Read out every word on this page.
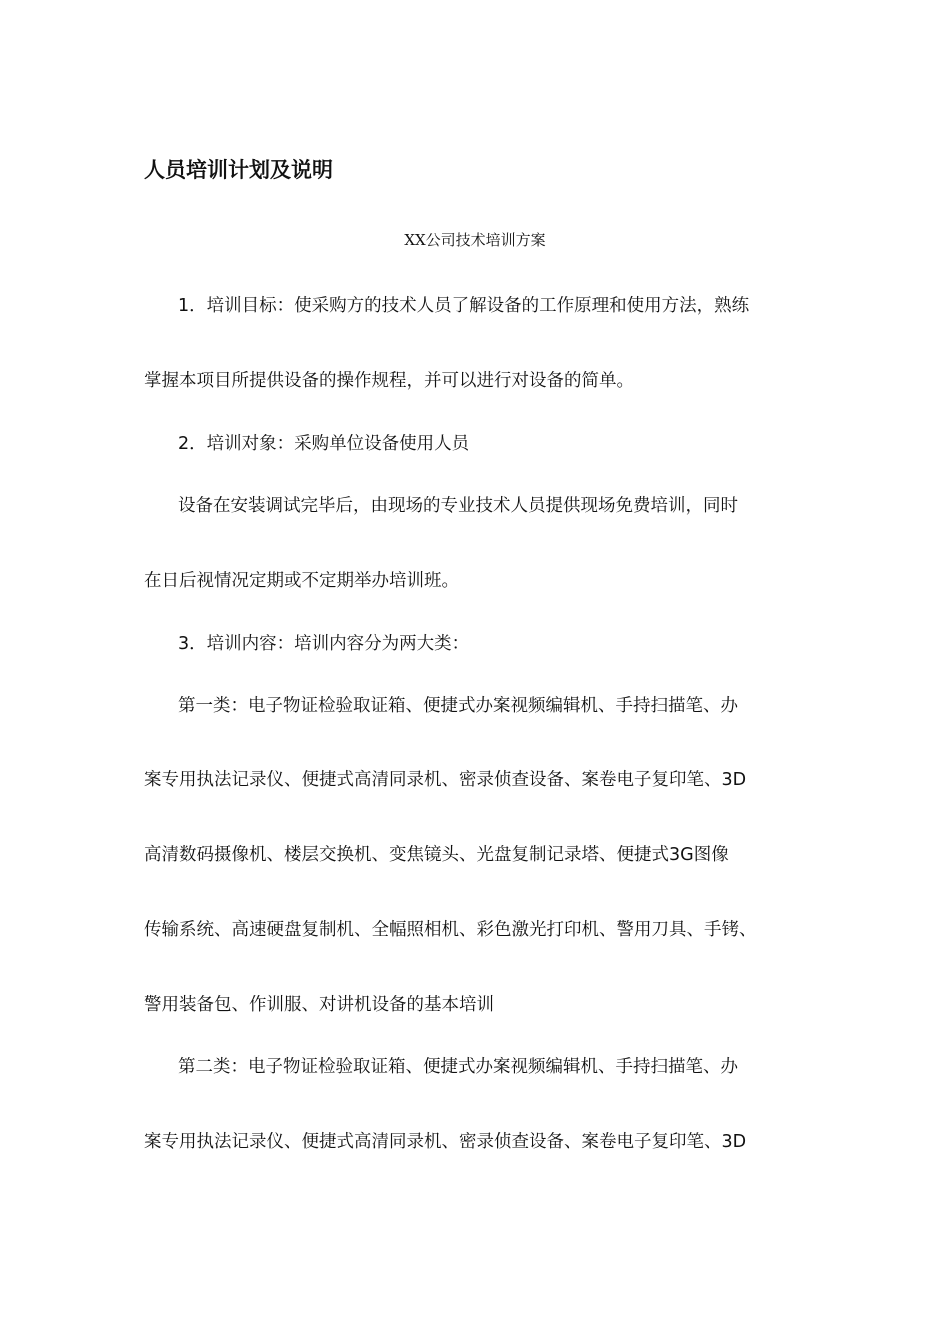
人员培训计划及说明
XX公司技术培训方案
1．培训目标：使采购方的技术人员了解设备的工作原理和使用方法，熟练
掌握本项目所提供设备的操作规程，并可以进行对设备的简单。
2．培训对象：采购单位设备使用人员
设备在安装调试完毕后，由现场的专业技术人员提供现场免费培训，同时
在日后视情况定期或不定期举办培训班。
3．培训内容：培训内容分为两大类：
第一类：电子物证检验取证箱、便捷式办案视频编辑机、手持扫描笔、办
案专用执法记录仪、便捷式高清同录机、密录侦查设备、案卷电子复印笔、3D
高清数码摄像机、楼层交换机、变焦镜头、光盘复制记录塔、便捷式3G图像
传输系统、高速硬盘复制机、全幅照相机、彩色激光打印机、警用刀具、手铐、
警用装备包、作训服、对讲机设备的基本培训
第二类：电子物证检验取证箱、便捷式办案视频编辑机、手持扫描笔、办
案专用执法记录仪、便捷式高清同录机、密录侦查设备、案卷电子复印笔、3D
